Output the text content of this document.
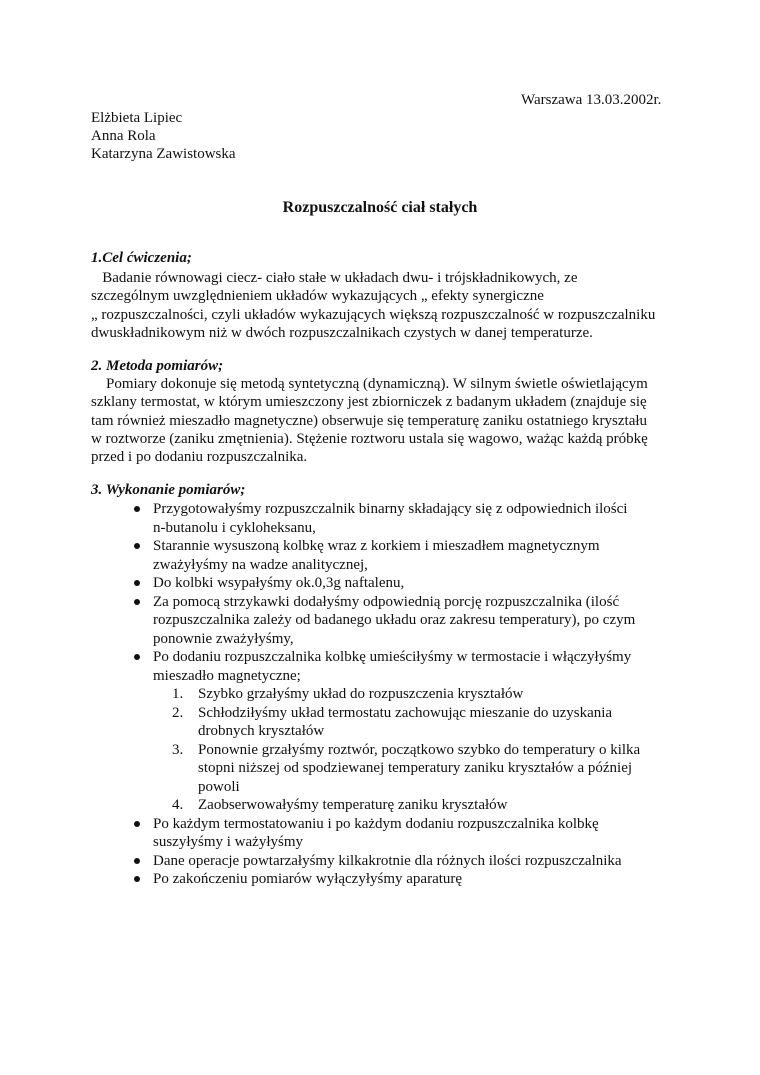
Warszawa 13.03.2002r.
Elżbieta Lipiec
Anna Rola
Katarzyna Zawistowska
Rozpuszczalność ciał stałych
1.Cel ćwiczenia;
2. Metoda pomiarów;
3. Wykonanie pomiarów;
Badanie równowagi ciecz- ciało stałe w układach dwu- i trójskładnikowych, ze
szczególnym uwzględnieniem układów wykazujących „ efekty synergiczne
„ rozpuszczalności, czyli układów wykazujących większą rozpuszczalność w rozpuszczalniku
dwuskładnikowym niż w dwóch rozpuszczalnikach czystych w danej temperaturze.
Pomiary dokonuje się metodą syntetyczną (dynamiczną). W silnym świetle oświetlającym
szklany termostat, w którym umieszczony jest zbiorniczek z badanym układem (znajduje się
tam również mieszadło magnetyczne) obserwuje się temperaturę zaniku ostatniego kryształu
w roztworze (zaniku zmętnienia). Stężenie roztworu ustala się wagowo, ważąc każdą próbkę
przed i po dodaniu rozpuszczalnika.
Przygotowałyśmy rozpuszczalnik binarny składający się z odpowiednich ilości
n-butanolu i cykloheksanu,
Starannie wysuszoną kolbkę wraz z korkiem i mieszadłem magnetycznym
zważyłyśmy na wadze analitycznej,
Do kolbki wsypałyśmy ok.0,3g naftalenu,
Za pomocą strzykawki dodałyśmy odpowiednią porcję rozpuszczalnika (ilość
rozpuszczalnika zależy od badanego układu oraz zakresu temperatury), po czym
ponownie zważyłyśmy,
Po dodaniu rozpuszczalnika kolbkę umieściłyśmy w termostacie i włączyłyśmy
mieszadło magnetyczne;
1. Szybko grzałyśmy układ do rozpuszczenia kryształów
2. Schłodziłyśmy układ termostatu zachowując mieszanie do uzyskania
drobnych kryształów
3. Ponownie grzałyśmy roztwór, początkowo szybko do temperatury o kilka
stopni niższej od spodziewanej temperatury zaniku kryształów a później
powoli
4. Zaobserwowałyśmy temperaturę zaniku kryształów
Po każdym termostatowaniu i po każdym dodaniu rozpuszczalnika kolbkę
suszyłyśmy i ważyłyśmy
Dane operacje powtarzałyśmy kilkakrotnie dla różnych ilości rozpuszczalnika
Po zakończeniu pomiarów wyłączyłyśmy aparaturę
